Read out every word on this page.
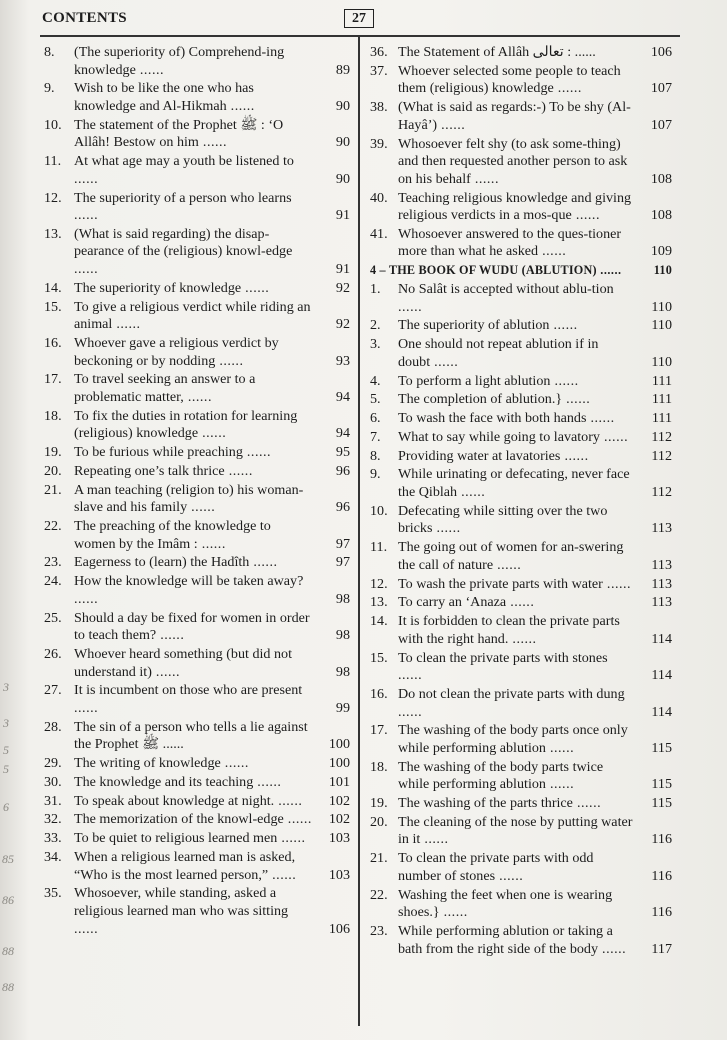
CONTENTS	27
8. (The superiority of) Comprehend-ing knowledge ......	89
9. Wish to be like the one who has knowledge and Al-Hikmah ......	90
10. The statement of the Prophet ﷺ : ‘O Allâh! Bestow on him ......	90
11. At what age may a youth be listened to ......	90
12. The superiority of a person who learns ......	91
13. (What is said regarding) the disap-pearance of the (religious) knowl-edge ......	91
14. The superiority of knowledge ......	92
15. To give a religious verdict while riding an animal ......	92
16. Whoever gave a religious verdict by beckoning or by nodding ......	93
17. To travel seeking an answer to a problematic matter, ......	94
18. To fix the duties in rotation for learning (religious) knowledge ......	94
19. To be furious while preaching ......	95
20. Repeating one’s talk thrice ......	96
21. A man teaching (religion to) his woman-slave and his family ......	96
22. The preaching of the knowledge to women by the Imâm : ......	97
23. Eagerness to (learn) the Hadîth ......	97
24. How the knowledge will be taken away? ......	98
25. Should a day be fixed for women in order to teach them? ......	98
26. Whoever heard something (but did not understand it) ......	98
27. It is incumbent on those who are present ......	99
28. The sin of a person who tells a lie against the Prophet ﷺ ......	100
29. The writing of knowledge ......	100
30. The knowledge and its teaching ......	101
31. To speak about knowledge at night. ......	102
32. The memorization of the knowl-edge ......	102
33. To be quiet to religious learned men ......	103
34. When a religious learned man is asked, “Who is the most learned person,” ......	103
35. Whosoever, while standing, asked a religious learned man who was sitting ......	106
36. The Statement of Allâh تعالى : ......	106
37. Whoever selected some people to teach them (religious) knowledge ......	107
38. (What is said as regards:-) To be shy (Al-Hayâ’) ......	107
39. Whosoever felt shy (to ask some-thing) and then requested another person to ask on his behalf ......	108
40. Teaching religious knowledge and giving religious verdicts in a mos-que ......	108
41. Whosoever answered to the ques-tioner more than what he asked ......	109
4 – THE BOOK OF WUDU (ABLUTION) ......	110
1. No Salât is accepted without ablu-tion ......	110
2. The superiority of ablution ......	110
3. One should not repeat ablution if in doubt ......	110
4. To perform a light ablution ......	111
5. The completion of ablution.} ......	111
6. To wash the face with both hands ......	111
7. What to say while going to lavatory ......	112
8. Providing water at lavatories ......	112
9. While urinating or defecating, never face the Qiblah ......	112
10. Defecating while sitting over the two bricks ......	113
11. The going out of women for an-swering the call of nature ......	113
12. To wash the private parts with water ......	113
13. To carry an ‘Anaza ......	113
14. It is forbidden to clean the private parts with the right hand. ......	114
15. To clean the private parts with stones ......	114
16. Do not clean the private parts with dung ......	114
17. The washing of the body parts once only while performing ablution ......	115
18. The washing of the body parts twice while performing ablution ......	115
19. The washing of the parts thrice ......	115
20. The cleaning of the nose by putting water in it ......	116
21. To clean the private parts with odd number of stones ......	116
22. Washing the feet when one is wearing shoes.} ......	116
23. While performing ablution or taking a bath from the right side of the body ......	117
3
3
5
5
6
85
86
88
88
